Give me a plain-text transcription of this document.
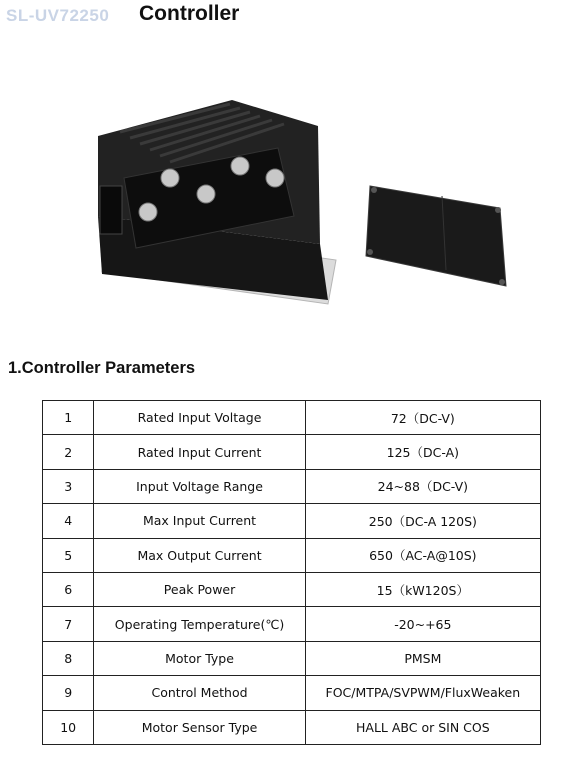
SL-UV72250 Controller
1.Controller Parameters
1	Rated Input Voltage	72（DC-V)
2	Rated Input Current	125（DC-A)
3	Input Voltage Range	24~88（DC-V)
4	Max Input Current	250（DC-A 120S)
5	Max Output Current	650（AC-A@10S)
6	Peak Power	15（kW120S）
7	Operating Temperature(℃)	-20~+65
8	Motor Type	PMSM
9	Control Method	FOC/MTPA/SVPWM/FluxWeaken
10	Motor Sensor Type	HALL ABC or SIN COS
